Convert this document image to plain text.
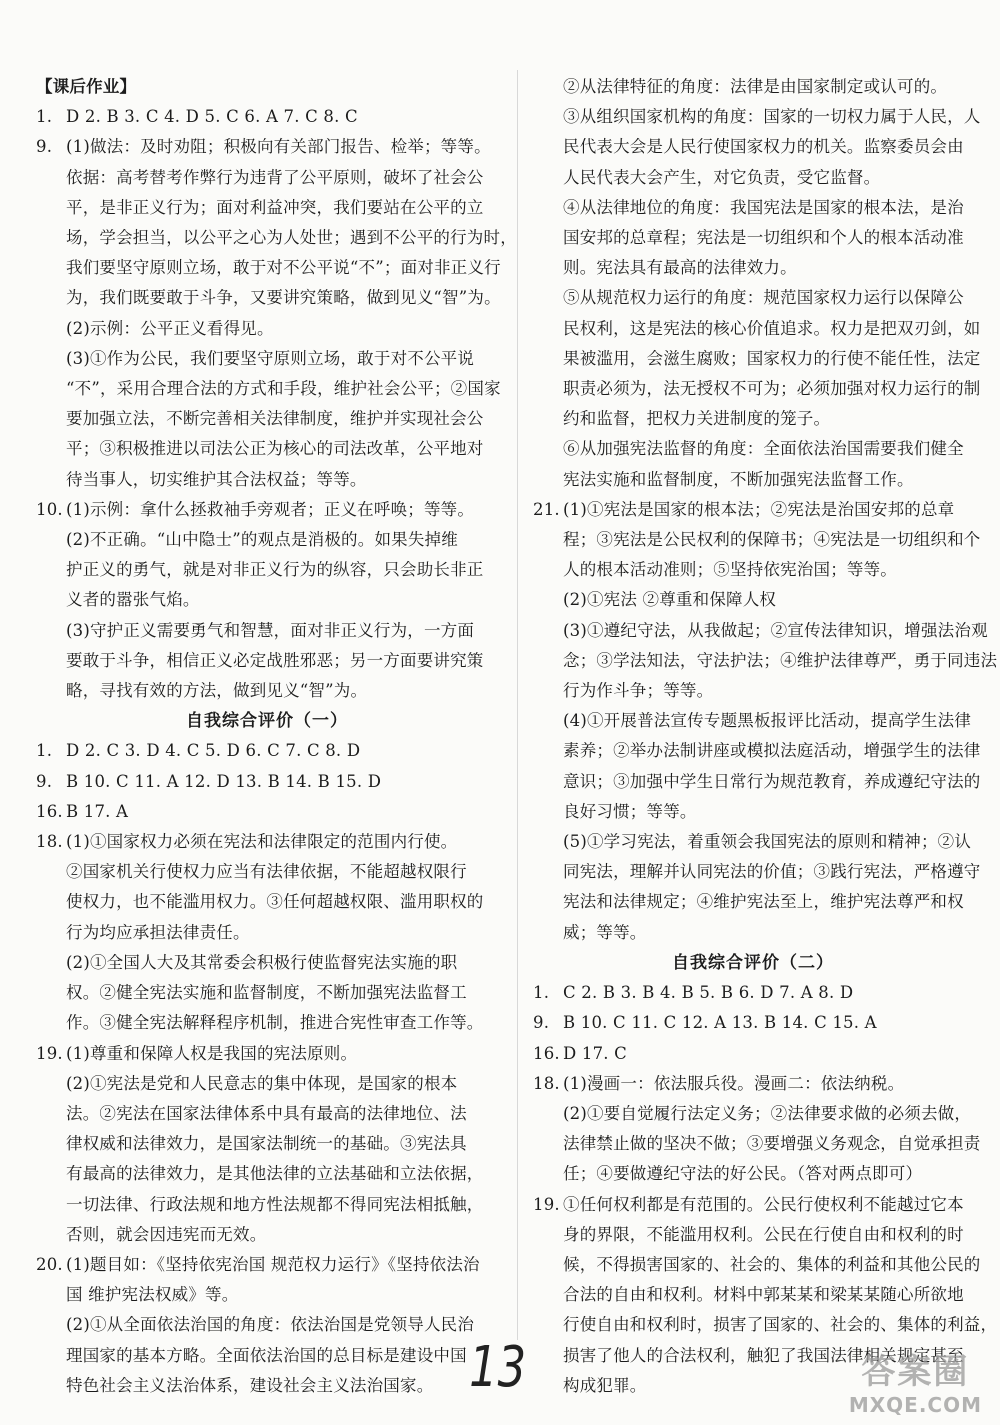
【课后作业】
1. D 2. B 3. C 4. D 5. C 6. A 7. C 8. C
9. (1)做法：及时劝阻；积极向有关部门报告、检举；等等。
依据：高考替考作弊行为违背了公平原则，破坏了社会公
平，是非正义行为；面对利益冲突，我们要站在公平的立
场，学会担当，以公平之心为人处世；遇到不公平的行为时，
我们要坚守原则立场，敢于对不公平说“不”；面对非正义行
为，我们既要敢于斗争，又要讲究策略，做到见义“智”为。
(2)示例：公平正义看得见。
(3)①作为公民，我们要坚守原则立场，敢于对不公平说
“不”，采用合理合法的方式和手段，维护社会公平；②国家
要加强立法，不断完善相关法律制度，维护并实现社会公
平；③积极推进以司法公正为核心的司法改革，公平地对
待当事人，切实维护其合法权益；等等。
10. (1)示例：拿什么拯救袖手旁观者；正义在呼唤；等等。
(2)不正确。“山中隐士”的观点是消极的。如果失掉维
护正义的勇气，就是对非正义行为的纵容，只会助长非正
义者的嚣张气焰。
(3)守护正义需要勇气和智慧，面对非正义行为，一方面
要敢于斗争，相信正义必定战胜邪恶；另一方面要讲究策
略，寻找有效的方法，做到见义“智”为。
自我综合评价（一）
1. D 2. C 3. D 4. C 5. D 6. C 7. C 8. D
9. B 10. C 11. A 12. D 13. B 14. B 15. D
16. B 17. A
18. (1)①国家权力必须在宪法和法律限定的范围内行使。
②国家机关行使权力应当有法律依据，不能超越权限行
使权力，也不能滥用权力。③任何超越权限、滥用职权的
行为均应承担法律责任。
(2)①全国人大及其常委会积极行使监督宪法实施的职
权。②健全宪法实施和监督制度，不断加强宪法监督工
作。③健全宪法解释程序机制，推进合宪性审查工作等。
19. (1)尊重和保障人权是我国的宪法原则。
(2)①宪法是党和人民意志的集中体现，是国家的根本
法。②宪法在国家法律体系中具有最高的法律地位、法
律权威和法律效力，是国家法制统一的基础。③宪法具
有最高的法律效力，是其他法律的立法基础和立法依据，
一切法律、行政法规和地方性法规都不得同宪法相抵触，
否则，就会因违宪而无效。
20. (1)题目如：《坚持依宪治国 规范权力运行》《坚持依法治
国 维护宪法权威》等。
(2)①从全面依法治国的角度：依法治国是党领导人民治
理国家的基本方略。全面依法治国的总目标是建设中国
特色社会主义法治体系，建设社会主义法治国家。
②从法律特征的角度：法律是由国家制定或认可的。
③从组织国家机构的角度：国家的一切权力属于人民，人
民代表大会是人民行使国家权力的机关。监察委员会由
人民代表大会产生，对它负责，受它监督。
④从法律地位的角度：我国宪法是国家的根本法，是治
国安邦的总章程；宪法是一切组织和个人的根本活动准
则。宪法具有最高的法律效力。
⑤从规范权力运行的角度：规范国家权力运行以保障公
民权利，这是宪法的核心价值追求。权力是把双刃剑，如
果被滥用，会滋生腐败；国家权力的行使不能任性，法定
职责必须为，法无授权不可为；必须加强对权力运行的制
约和监督，把权力关进制度的笼子。
⑥从加强宪法监督的角度：全面依法治国需要我们健全
宪法实施和监督制度，不断加强宪法监督工作。
21. (1)①宪法是国家的根本法；②宪法是治国安邦的总章
程；③宪法是公民权利的保障书；④宪法是一切组织和个
人的根本活动准则；⑤坚持依宪治国；等等。
(2)①宪法 ②尊重和保障人权
(3)①遵纪守法，从我做起；②宣传法律知识，增强法治观
念；③学法知法，守法护法；④维护法律尊严，勇于同违法
行为作斗争；等等。
(4)①开展普法宣传专题黑板报评比活动，提高学生法律
素养；②举办法制讲座或模拟法庭活动，增强学生的法律
意识；③加强中学生日常行为规范教育，养成遵纪守法的
良好习惯；等等。
(5)①学习宪法，着重领会我国宪法的原则和精神；②认
同宪法，理解并认同宪法的价值；③践行宪法，严格遵守
宪法和法律规定；④维护宪法至上，维护宪法尊严和权
威；等等。
自我综合评价（二）
1. C 2. B 3. B 4. B 5. B 6. D 7. A 8. D
9. B 10. C 11. C 12. A 13. B 14. C 15. A
16. D 17. C
18. (1)漫画一：依法服兵役。漫画二：依法纳税。
(2)①要自觉履行法定义务；②法律要求做的必须去做，
法律禁止做的坚决不做；③要增强义务观念，自觉承担责
任；④要做遵纪守法的好公民。（答对两点即可）
19. ①任何权利都是有范围的。公民行使权利不能越过它本
身的界限，不能滥用权利。公民在行使自由和权利的时
候，不得损害国家的、社会的、集体的利益和其他公民的
合法的自由和权利。材料中郭某某和梁某某随心所欲地
行使自由和权利时，损害了国家的、社会的、集体的利益，
损害了他人的合法权利，触犯了我国法律相关规定甚至
构成犯罪。
13	答案圈
MXQE.COM
